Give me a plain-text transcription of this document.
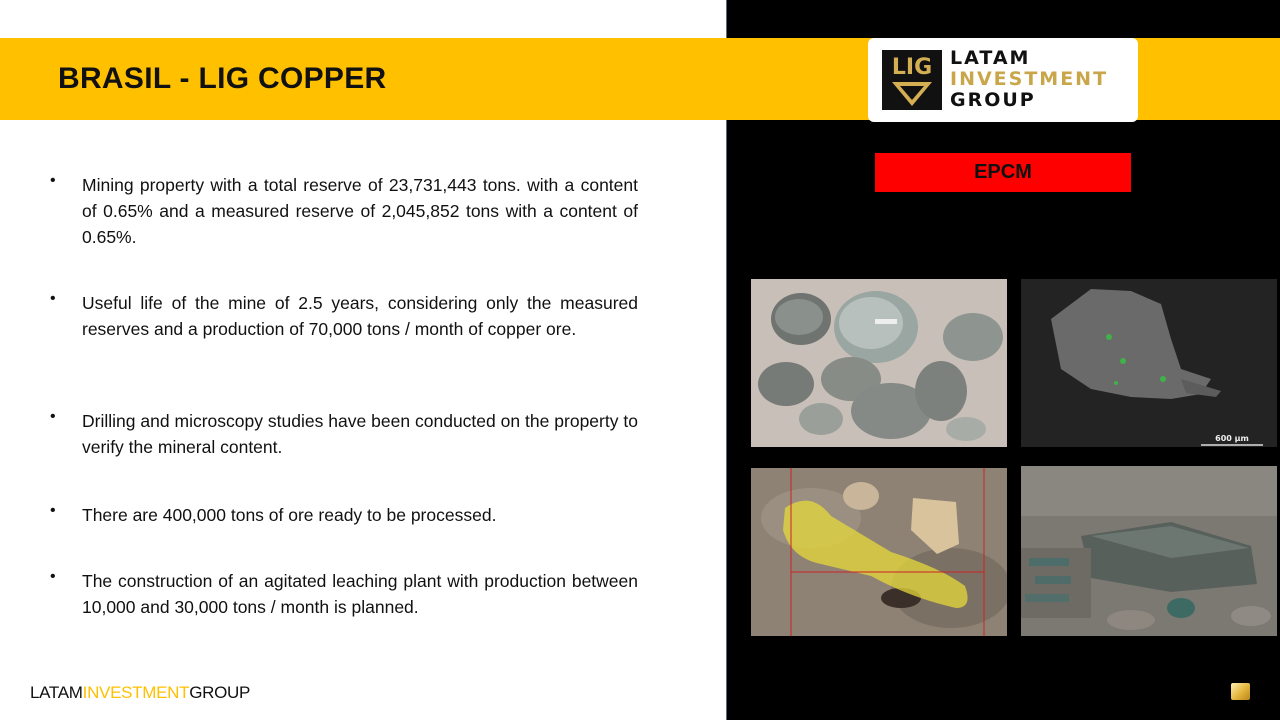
BRASIL - LIG COPPER	LIG LATAM
INVESTMENT
GROUP
EPCM
• Mining property with a total reserve of 23,731,443 tons. with a content of 0.65% and a measured reserve of 2,045,852 tons with a content of 0.65%.
• Useful life of the mine of 2.5 years, considering only the measured reserves and a production of 70,000 tons / month of copper ore.
• Drilling and microscopy studies have been conducted on the property to verify the mineral content.
• There are 400,000 tons of ore ready to be processed.
• The construction of an agitated leaching plant with production between 10,000 and 30,000 tons / month is planned.
LATAMINVESTMENTGROUP
600 μm
